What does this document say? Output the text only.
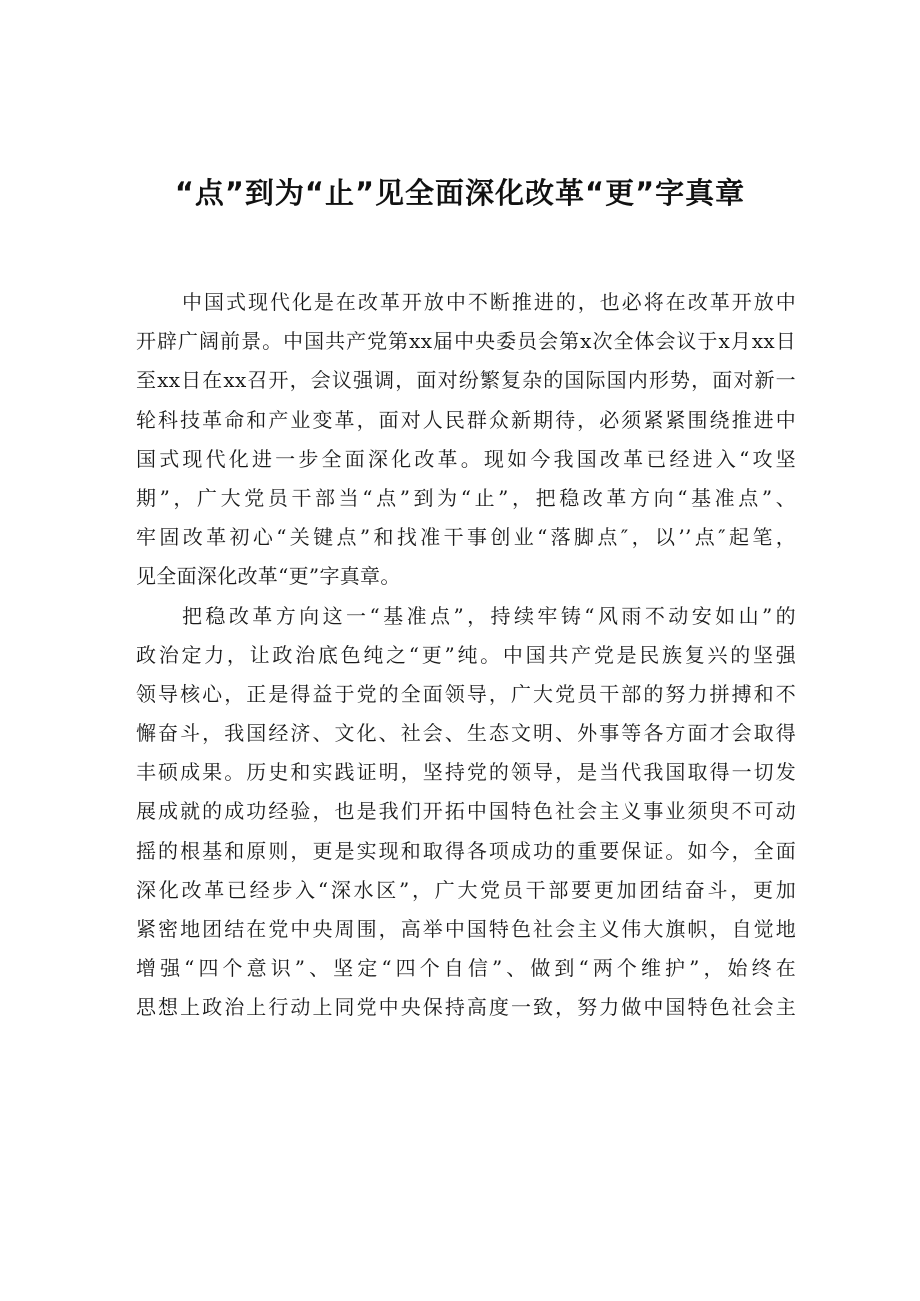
“点”到为“止”见全面深化改革“更”字真章
中国式现代化是在改革开放中不断推进的，也必将在改革开放中
开辟广阔前景。中国共产党第xx届中央委员会第x次全体会议于x月xx日
至xx日在xx召开，会议强调，面对纷繁复杂的国际国内形势，面对新一
轮科技革命和产业变革，面对人民群众新期待，必须紧紧围绕推进中
国式现代化进一步全面深化改革。现如今我国改革已经进入“攻坚
期”，广大党员干部当“点”到为“止”，把稳改革方向“基准点”、
牢固改革初心“关键点”和找准干事创业“落脚点″，以’’点″起笔，
见全面深化改革“更”字真章。
把稳改革方向这一“基准点”，持续牢铸“风雨不动安如山”的
政治定力，让政治底色纯之“更”纯。中国共产党是民族复兴的坚强
领导核心，正是得益于党的全面领导，广大党员干部的努力拼搏和不
懈奋斗，我国经济、文化、社会、生态文明、外事等各方面才会取得
丰硕成果。历史和实践证明，坚持党的领导，是当代我国取得一切发
展成就的成功经验，也是我们开拓中国特色社会主义事业须臾不可动
摇的根基和原则，更是实现和取得各项成功的重要保证。如今，全面
深化改革已经步入“深水区”，广大党员干部要更加团结奋斗，更加
紧密地团结在党中央周围，高举中国特色社会主义伟大旗帜，自觉地
增强“四个意识”、坚定“四个自信”、做到“两个维护”，始终在
思想上政治上行动上同党中央保持高度一致，努力做中国特色社会主
